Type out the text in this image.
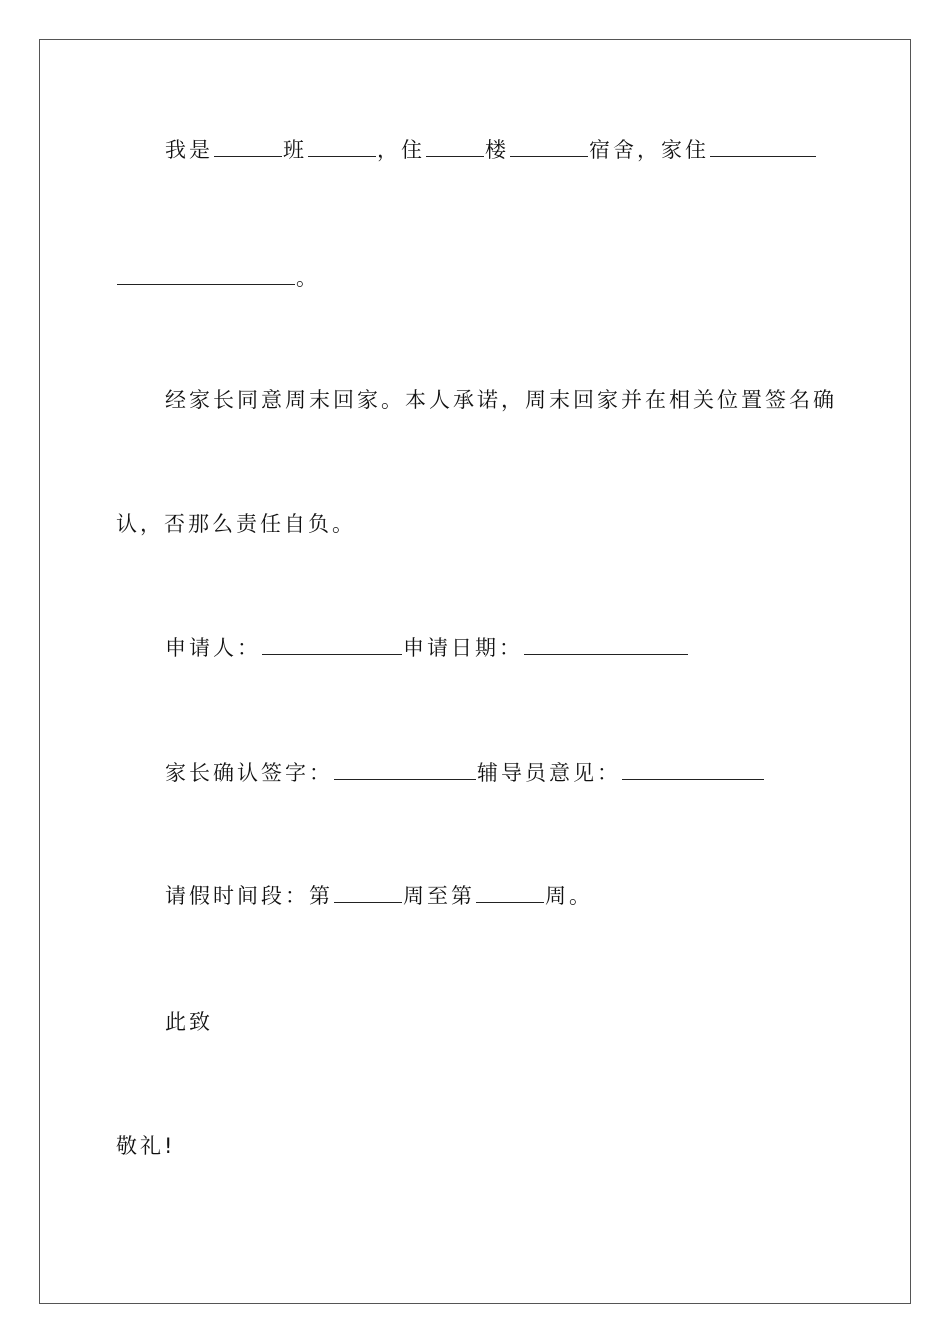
我是	班	，住	楼	宿舍，家住
。
经家长同意周末回家。本人承诺，周末回家并在相关位置签名确
认，否那么责任自负。
申请人：	申请日期：
家长确认签字：	辅导员意见：
请假时间段：第	周至第	周。
此致
敬礼!
